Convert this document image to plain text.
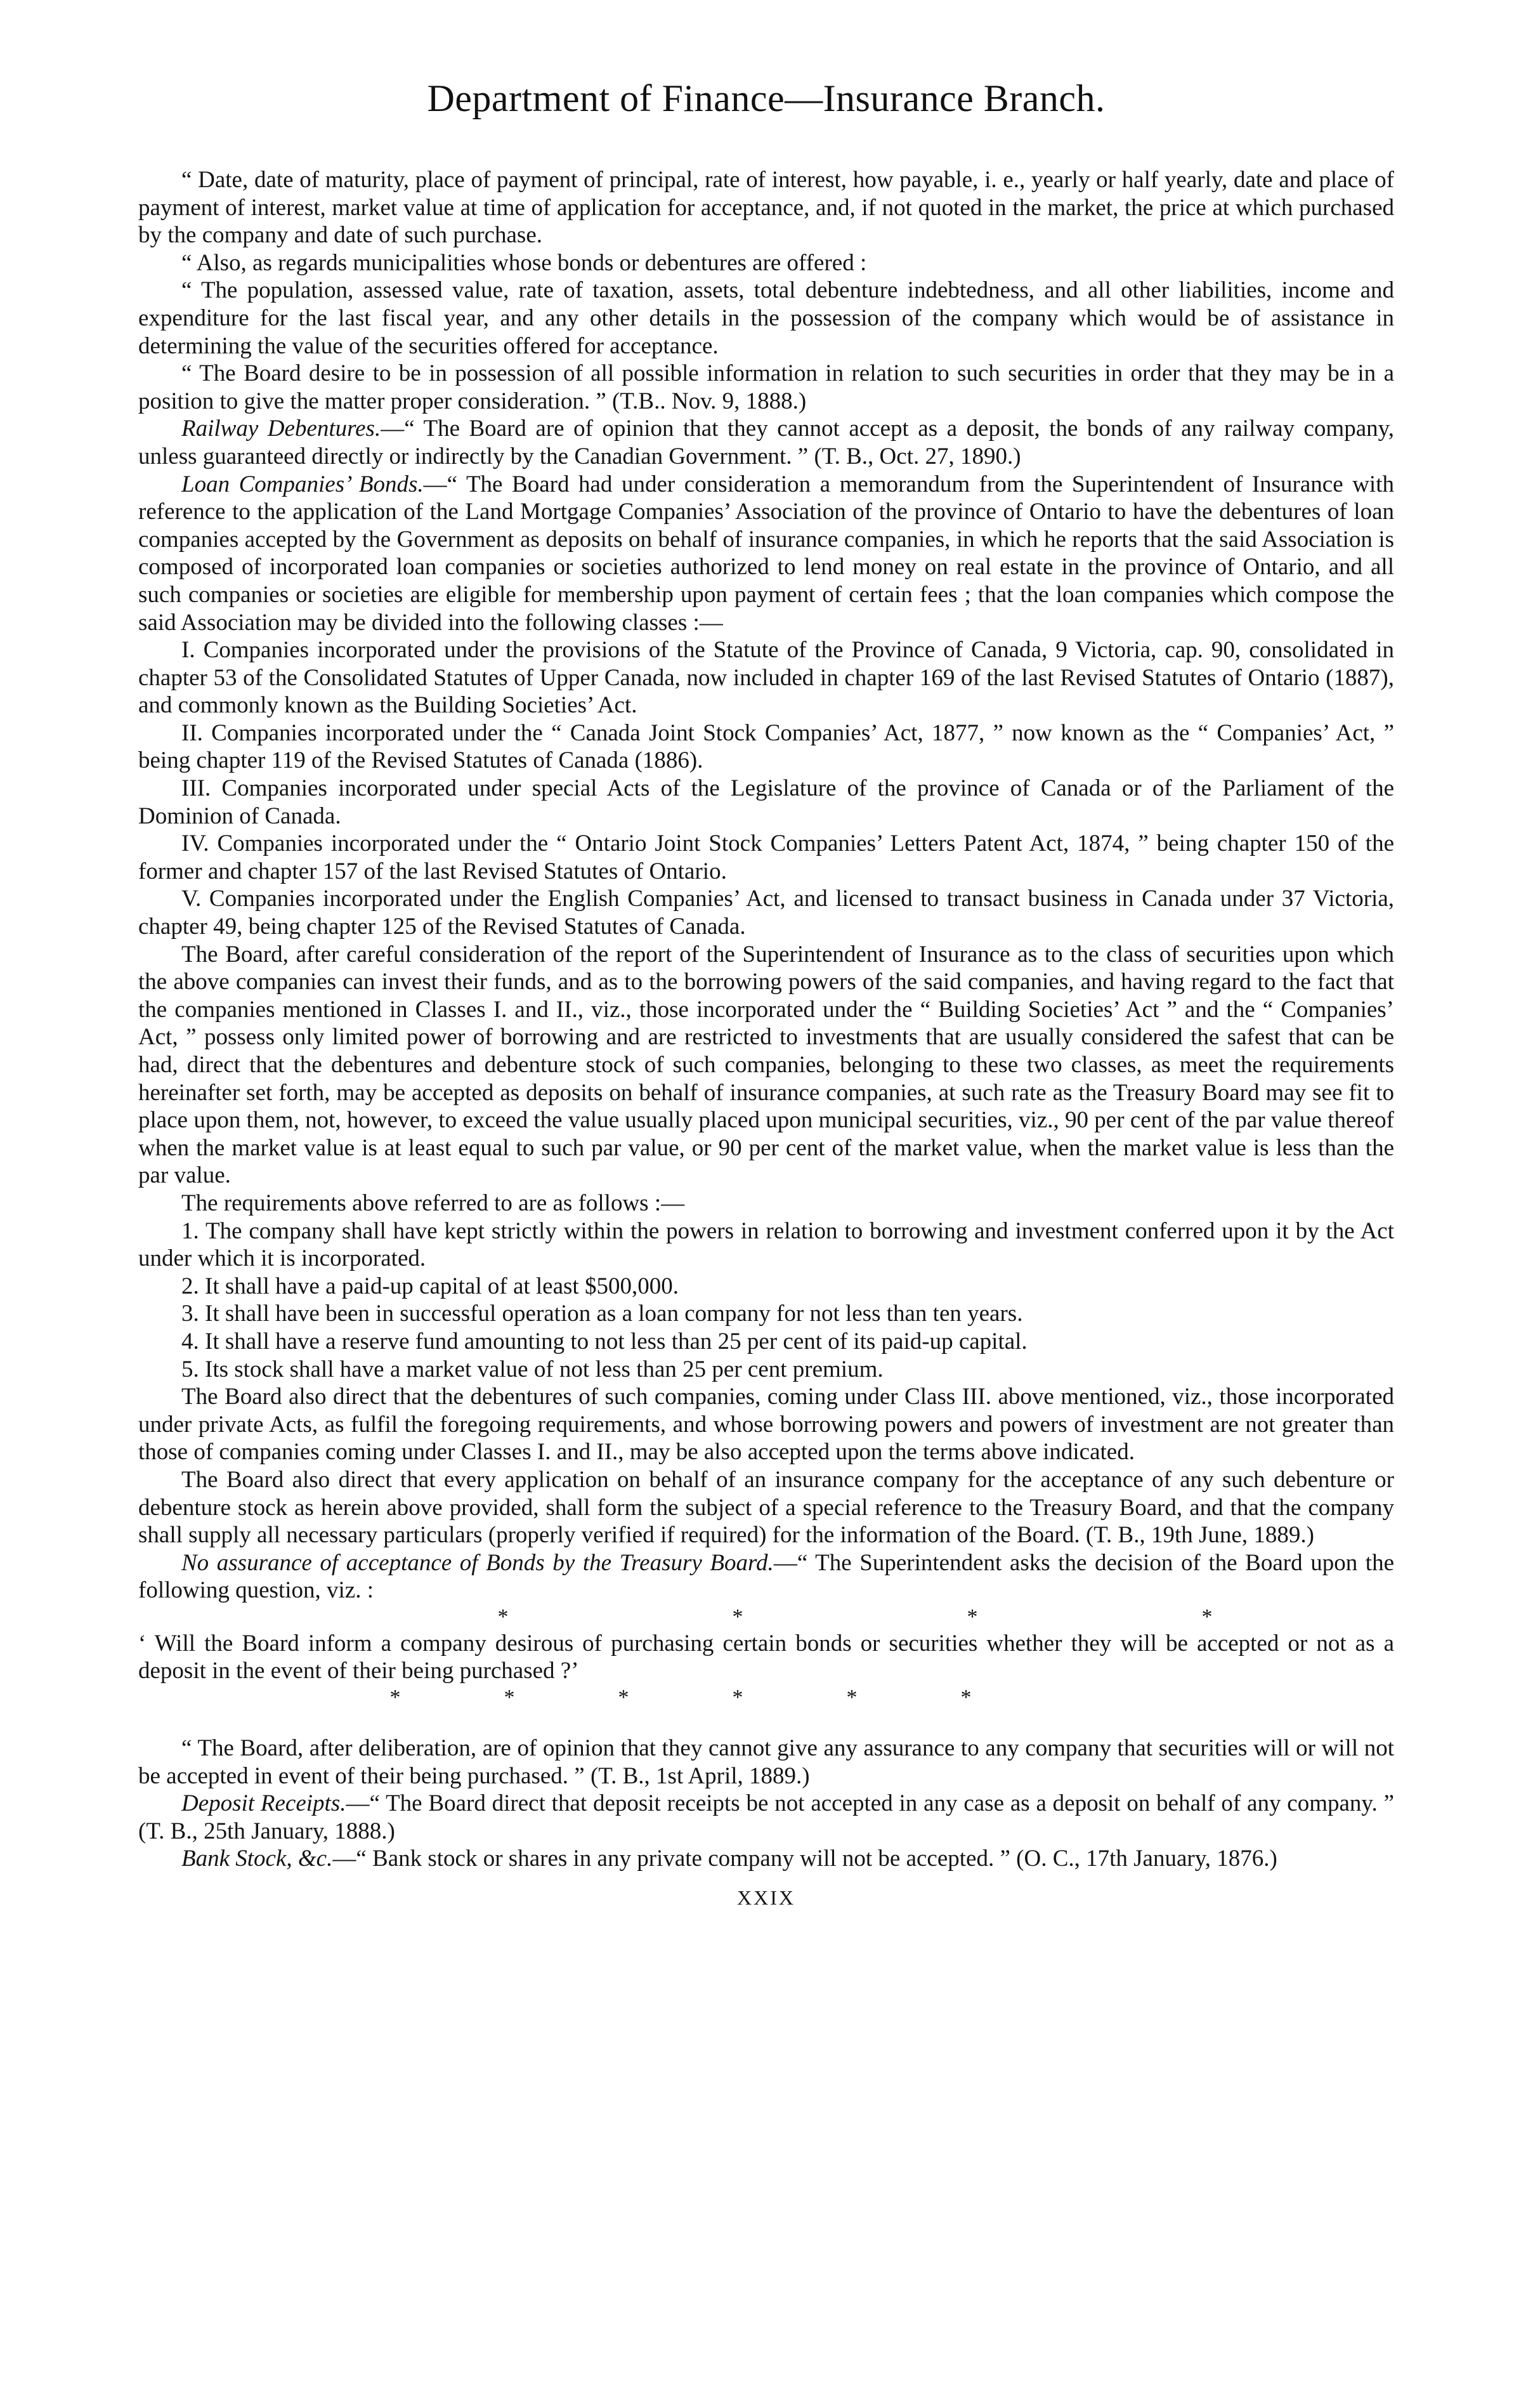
Department of Finance—Insurance Branch.

“ Date, date of maturity, place of payment of principal, rate of interest, how payable, i. e., yearly or half yearly, date and place of payment of interest, market value at time of application for acceptance, and, if not quoted in the market, the price at which purchased by the company and date of such purchase.

“ Also, as regards municipalities whose bonds or debentures are offered :

“ The population, assessed value, rate of taxation, assets, total debenture indebtedness, and all other liabilities, income and expenditure for the last fiscal year, and any other details in the possession of the company which would be of assistance in determining the value of the securities offered for acceptance.

“ The Board desire to be in possession of all possible information in relation to such securities in order that they may be in a position to give the matter proper consideration. ” (T.B.. Nov. 9, 1888.)

Railway Debentures.—“ The Board are of opinion that they cannot accept as a deposit, the bonds of any railway company, unless guaranteed directly or indirectly by the Canadian Government. ” (T. B., Oct. 27, 1890.)

Loan Companies’ Bonds.—“ The Board had under consideration a memorandum from the Superintendent of Insurance with reference to the application of the Land Mortgage Companies’ Association of the province of Ontario to have the debentures of loan companies accepted by the Government as deposits on behalf of insurance companies, in which he reports that the said Association is composed of incorporated loan companies or societies authorized to lend money on real estate in the province of Ontario, and all such companies or societies are eligible for membership upon payment of certain fees ; that the loan companies which compose the said Association may be divided into the following classes :—

I. Companies incorporated under the provisions of the Statute of the Province of Canada, 9 Victoria, cap. 90, consolidated in chapter 53 of the Consolidated Statutes of Upper Canada, now included in chapter 169 of the last Revised Statutes of Ontario (1887), and commonly known as the Building Societies’ Act.

II. Companies incorporated under the “ Canada Joint Stock Companies’ Act, 1877, ” now known as the “ Companies’ Act, ” being chapter 119 of the Revised Statutes of Canada (1886).

III. Companies incorporated under special Acts of the Legislature of the province of Canada or of the Parliament of the Dominion of Canada.

IV. Companies incorporated under the “ Ontario Joint Stock Companies’ Letters Patent Act, 1874, ” being chapter 150 of the former and chapter 157 of the last Revised Statutes of Ontario.

V. Companies incorporated under the English Companies’ Act, and licensed to transact business in Canada under 37 Victoria, chapter 49, being chapter 125 of the Revised Statutes of Canada.

The Board, after careful consideration of the report of the Superintendent of Insurance as to the class of securities upon which the above companies can invest their funds, and as to the borrowing powers of the said companies, and having regard to the fact that the companies mentioned in Classes I. and II., viz., those incorporated under the “ Building Societies’ Act ” and the “ Companies’ Act, ” possess only limited power of borrowing and are restricted to investments that are usually considered the safest that can be had, direct that the debentures and debenture stock of such companies, belonging to these two classes, as meet the requirements hereinafter set forth, may be accepted as deposits on behalf of insurance companies, at such rate as the Treasury Board may see fit to place upon them, not, however, to exceed the value usually placed upon municipal securities, viz., 90 per cent of the par value thereof when the market value is at least equal to such par value, or 90 per cent of the market value, when the market value is less than the par value.

The requirements above referred to are as follows :—

1. The company shall have kept strictly within the powers in relation to borrowing and investment conferred upon it by the Act under which it is incorporated.

2. It shall have a paid-up capital of at least $500,000.

3. It shall have been in successful operation as a loan company for not less than ten years.

4. It shall have a reserve fund amounting to not less than 25 per cent of its paid-up capital.

5. Its stock shall have a market value of not less than 25 per cent premium.

The Board also direct that the debentures of such companies, coming under Class III. above mentioned, viz., those incorporated under private Acts, as fulfil the foregoing requirements, and whose borrowing powers and powers of investment are not greater than those of companies coming under Classes I. and II., may be also accepted upon the terms above indicated.

The Board also direct that every application on behalf of an insurance company for the acceptance of any such debenture or debenture stock as herein above provided, shall form the subject of a special reference to the Treasury Board, and that the company shall supply all necessary particulars (properly verified if required) for the information of the Board. (T. B., 19th June, 1889.)

No assurance of acceptance of Bonds by the Treasury Board.—“ The Superintendent asks the decision of the Board upon the following question, viz. :

*	*	*	*

‘ Will the Board inform a company desirous of purchasing certain bonds or securities whether they will be accepted or not as a deposit in the event of their being purchased ?’

*	*	*	*	*	*

“ The Board, after deliberation, are of opinion that they cannot give any assurance to any company that securities will or will not be accepted in event of their being purchased. ” (T. B., 1st April, 1889.)

Deposit Receipts.—“ The Board direct that deposit receipts be not accepted in any case as a deposit on behalf of any company. ” (T. B., 25th January, 1888.)

Bank Stock, &c.—“ Bank stock or shares in any private company will not be accepted. ” (O. C., 17th January, 1876.)

XXIX
